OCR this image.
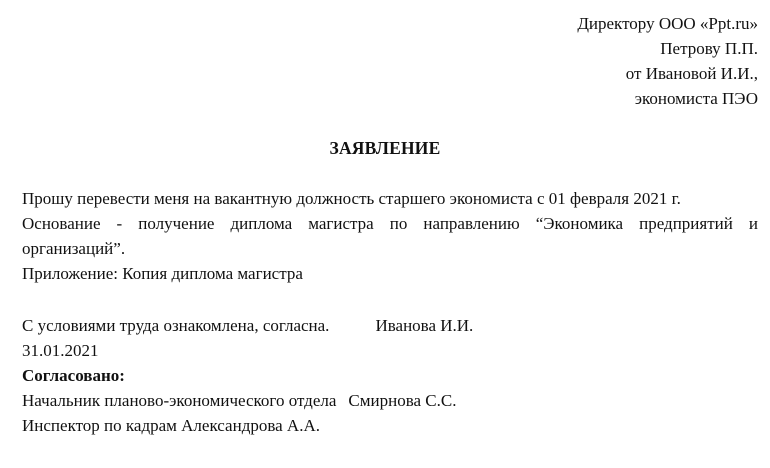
Директору ООО «Ppt.ru»
Петрову П.П.
от Ивановой И.И.,
экономиста ПЭО
ЗАЯВЛЕНИЕ
Прошу перевести меня на вакантную должность старшего экономиста с 01 февраля 2021 г.
Основание - получение диплома магистра по направлению “Экономика предприятий и
организаций”.
Приложение: Копия диплома магистра
С условиями труда ознакомлена, согласна.	Иванова И.И.
31.01.2021
Согласовано:
Начальник планово-экономического отдела Смирнова С.С.
Инспектор по кадрам Александрова А.А.
